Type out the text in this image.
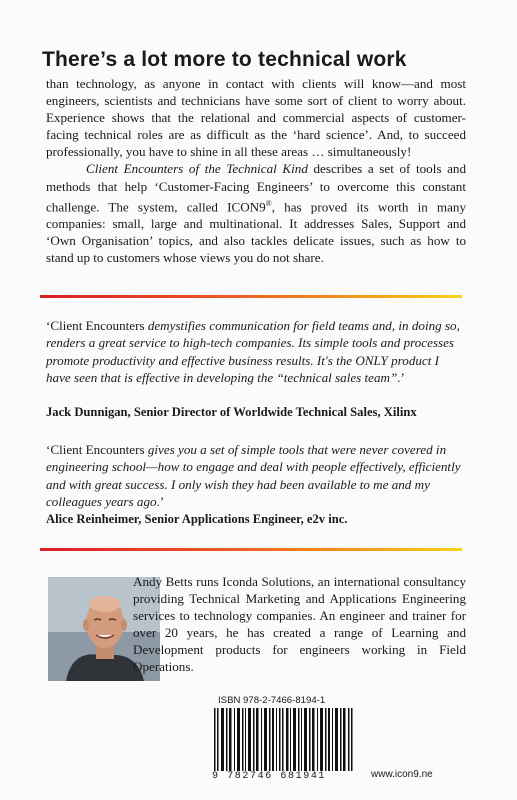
There’s a lot more to technical work

than technology, as anyone in contact with clients will know—and most engineers, scientists and technicians have some sort of client to worry about. Experience shows that the relational and commercial aspects of customer-facing technical roles are as difficult as the ‘hard science’. And, to succeed professionally, you have to shine in all these areas … simultaneously!

Client Encounters of the Technical Kind describes a set of tools and methods that help ‘Customer-Facing Engineers’ to overcome this constant challenge. The system, called ICON9®, has proved its worth in many companies: small, large and multinational. It addresses Sales, Support and ‘Own Organisation’ topics, and also tackles delicate issues, such as how to stand up to customers whose views you do not share.

‘Client Encounters demystifies communication for field teams and, in doing so, renders a great service to high-tech companies. Its simple tools and processes promote productivity and effective business results. It's the ONLY product I have seen that is effective in developing the “technical sales team”.’

Jack Dunnigan, Senior Director of Worldwide Technical Sales, Xilinx

‘Client Encounters gives you a set of simple tools that were never covered in engineering school—how to engage and deal with people effectively, efficiently and with great success. I only wish they had been available to me and my colleagues years ago.’

Alice Reinheimer, Senior Applications Engineer, e2v inc.

Andy Betts runs Iconda Solutions, an international consultancy providing Technical Marketing and Applications Engineering services to technology companies. An engineer and trainer for over 20 years, he has created a range of Learning and Development products for engineers working in Field Operations.

ISBN 978-2-7466-8194-1
9 782746 681941	www.icon9.ne
